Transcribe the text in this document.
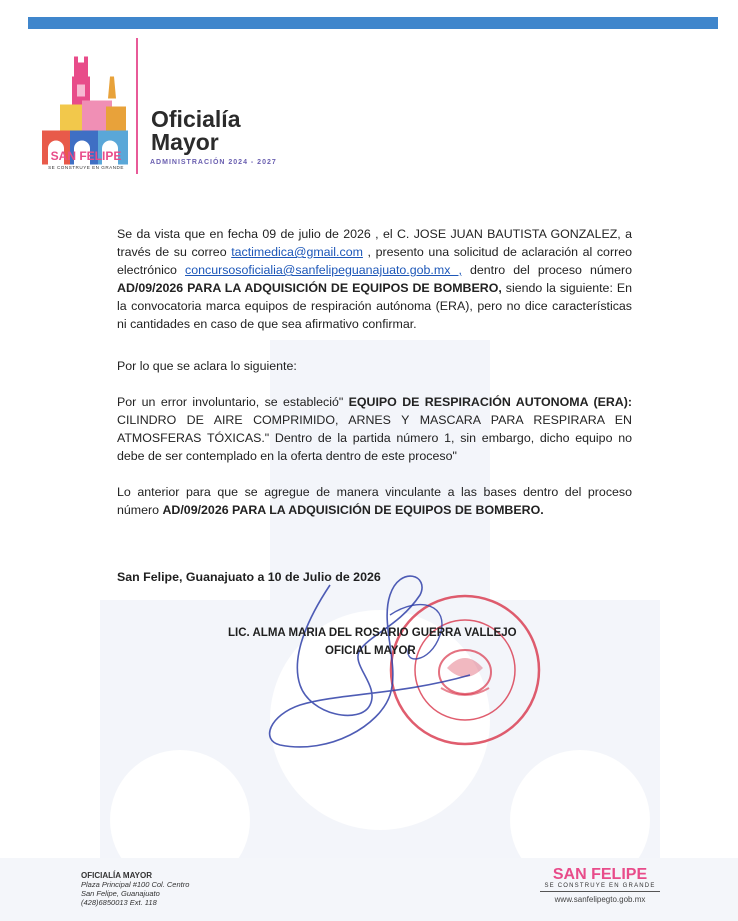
SAN FELIPE
SE CONSTRUYE EN GRANDE
Oficialía
Mayor
ADMINISTRACIÓN 2024 - 2027

Se da vista que en fecha 09 de julio de 2026 , el C. JOSE JUAN BAUTISTA GONZALEZ, a través de su correo tactimedica@gmail.com , presento una solicitud de aclaración al correo electrónico concursosoficialia@sanfelipeguanajuato.gob.mx , dentro del proceso número AD/09/2026 PARA LA ADQUISICIÓN DE EQUIPOS DE BOMBERO, siendo la siguiente: En la convocatoria marca equipos de respiración autónoma (ERA), pero no dice características ni cantidades en caso de que sea afirmativo confirmar.

Por lo que se aclara lo siguiente:

Por un error involuntario, se estableció" EQUIPO DE RESPIRACIÓN AUTONOMA (ERA): CILINDRO DE AIRE COMPRIMIDO, ARNES Y MASCARA PARA RESPIRARA EN ATMOSFERAS TÓXICAS." Dentro de la partida número 1, sin embargo, dicho equipo no debe de ser contemplado en la oferta dentro de este proceso"

Lo anterior para que se agregue de manera vinculante a las bases dentro del proceso número AD/09/2026 PARA LA ADQUISICIÓN DE EQUIPOS DE BOMBERO.

San Felipe, Guanajuato a 10 de Julio de 2026
LIC. ALMA MARIA DEL ROSARIO GUERRA VALLEJO
OFICIAL MAYOR
OFICIALÍA MAYOR
Plaza Principal #100 Col. Centro
San Felipe, Guanajuato
(428)6850013 Ext. 118
SAN FELIPE
SE CONSTRUYE EN GRANDE
www.sanfelipegto.gob.mx
